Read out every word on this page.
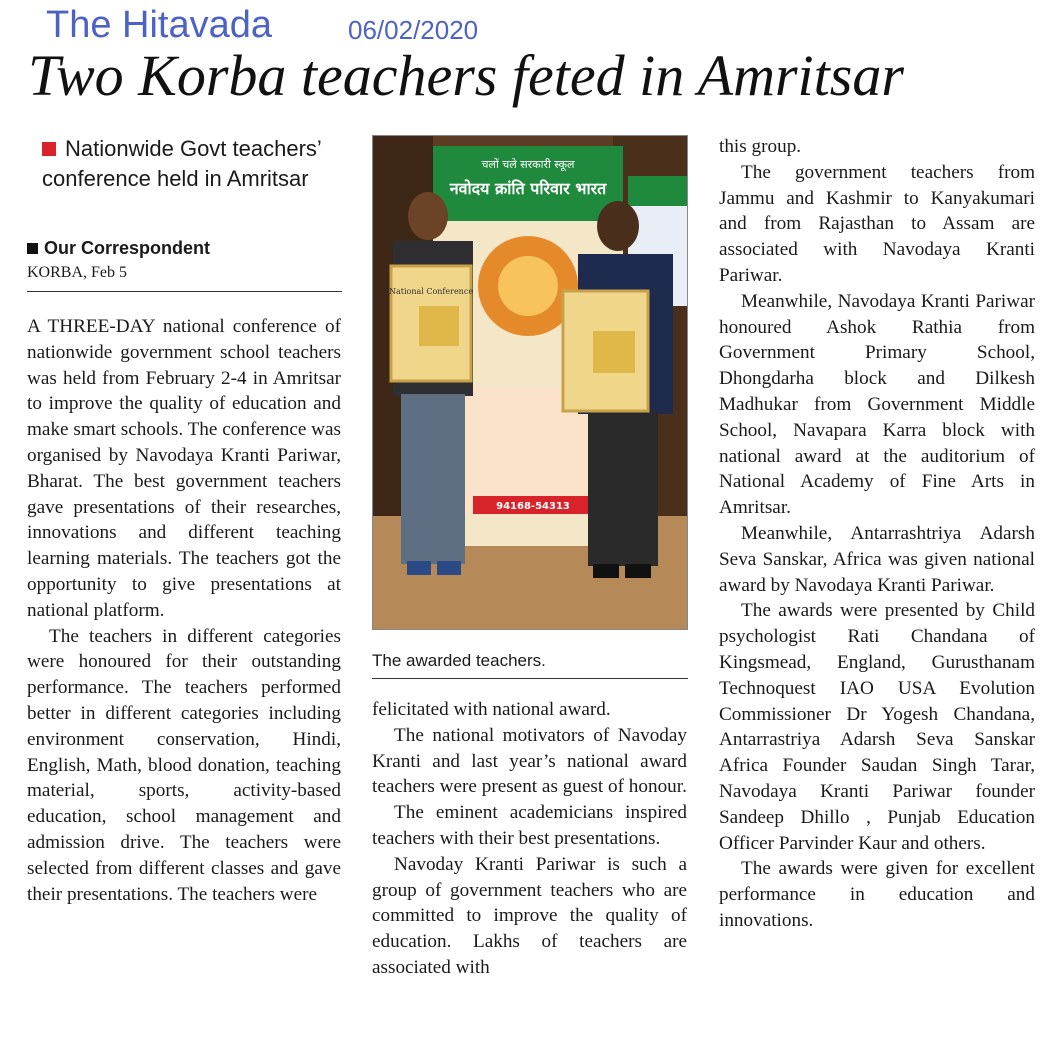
The Hitavada	06/02/2020
Two Korba teachers feted in Amritsar
Nationwide Govt teachers’ conference held in Amritsar
Our Correspondent
KORBA, Feb 5

A THREE-DAY national conference of nationwide government school teachers was held from February 2-4 in Amritsar to improve the quality of education and make smart schools. The conference was organised by Navodaya Kranti Pariwar, Bharat. The best government teachers gave presentations of their researches, innovations and different teaching learning materials. The teachers got the opportunity to give presentations at national platform.

The teachers in different categories were honoured for their outstanding performance. The teachers performed better in different categories including environment conservation, Hindi, English, Math, blood donation, teaching material, sports, activity-based education, school management and admission drive. The teachers were selected from different classes and gave their presentations. The teachers were

चलों चले सरकारी स्कूल
नवोदय क्रांति परिवार भारत
94168-54313
National Conference
The awarded teachers.

felicitated with national award.

The national motivators of Navoday Kranti and last year’s national award teachers were present as guest of honour.

The eminent academicians inspired teachers with their best presentations.

Navoday Kranti Pariwar is such a group of government teachers who are committed to improve the quality of education. Lakhs of teachers are associated with

this group.

The government teachers from Jammu and Kashmir to Kanyakumari and from Rajasthan to Assam are associated with Navodaya Kranti Pariwar.

Meanwhile, Navodaya Kranti Pariwar honoured Ashok Rathia from Government Primary School, Dhongdarha block and Dilkesh Madhukar from Government Middle School, Navapara Karra block with national award at the auditorium of National Academy of Fine Arts in Amritsar.

Meanwhile, Antarrashtriya Adarsh Seva Sanskar, Africa was given national award by Navodaya Kranti Pariwar.

The awards were presented by Child psychologist Rati Chandana of Kingsmead, England, Gurusthanam Technoquest IAO USA Evolution Commissioner Dr Yogesh Chandana, Antarrastriya Adarsh Seva Sanskar Africa Founder Saudan Singh Tarar, Navodaya Kranti Pariwar founder Sandeep Dhillo , Punjab Education Officer Parvinder Kaur and others.

The awards were given for excellent performance in education and innovations.
